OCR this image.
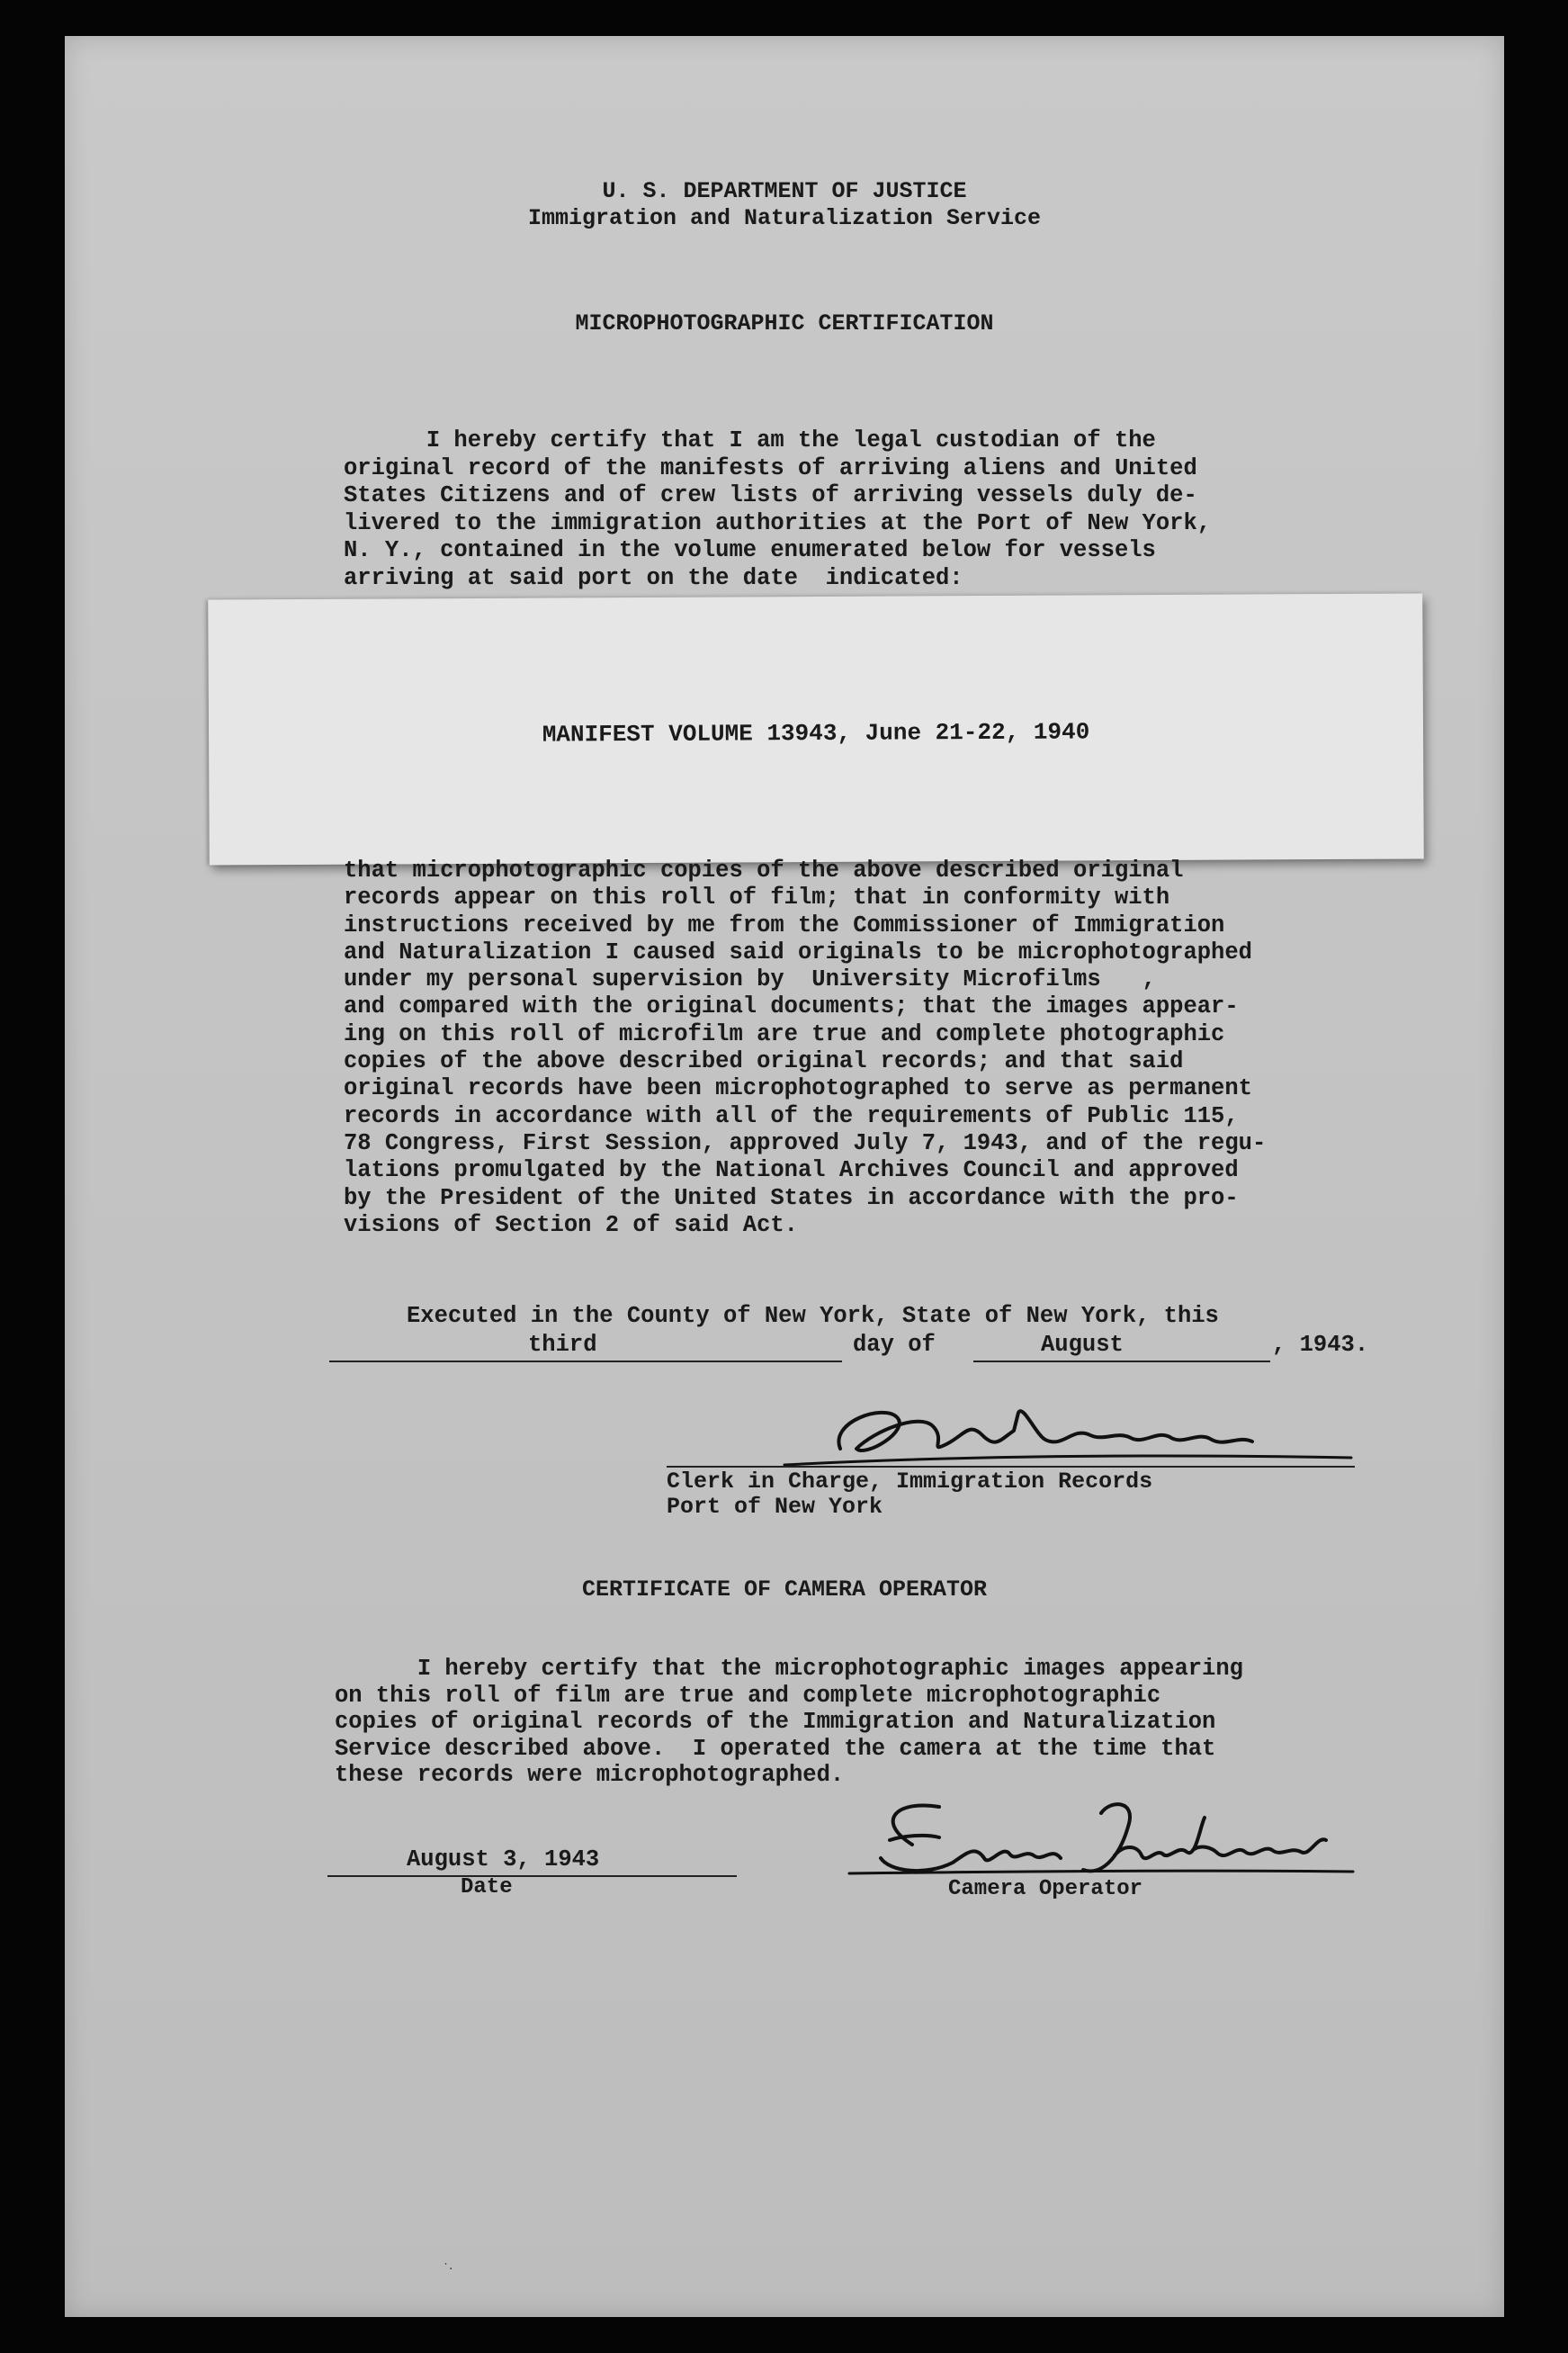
U. S. DEPARTMENT OF JUSTICE
Immigration and Naturalization Service
MICROPHOTOGRAPHIC CERTIFICATION
I hereby certify that I am the legal custodian of the
original record of the manifests of arriving aliens and United
States Citizens and of crew lists of arriving vessels duly de-
livered to the immigration authorities at the Port of New York,
N. Y., contained in the volume enumerated below for vessels
arriving at said port on the date  indicated:
MANIFEST VOLUME 13943, June 21-22, 1940
that microphotographic copies of the above described original
records appear on this roll of film; that in conformity with
instructions received by me from the Commissioner of Immigration
and Naturalization I caused said originals to be microphotographed
under my personal supervision by  University Microfilms   ,
and compared with the original documents; that the images appear-
ing on this roll of microfilm are true and complete photographic
copies of the above described original records; and that said
original records have been microphotographed to serve as permanent
records in accordance with all of the requirements of Public 115,
78 Congress, First Session, approved July 7, 1943, and of the regu-
lations promulgated by the National Archives Council and approved
by the President of the United States in accordance with the pro-
visions of Section 2 of said Act.
Executed in the County of New York, State of New York, this
third	day of	August	, 1943.
Clerk in Charge, Immigration Records
Port of New York
CERTIFICATE OF CAMERA OPERATOR
I hereby certify that the microphotographic images appearing
on this roll of film are true and complete microphotographic
copies of original records of the Immigration and Naturalization
Service described above.  I operated the camera at the time that
these records were microphotographed.
August 3, 1943
Date	Camera Operator
˙·
